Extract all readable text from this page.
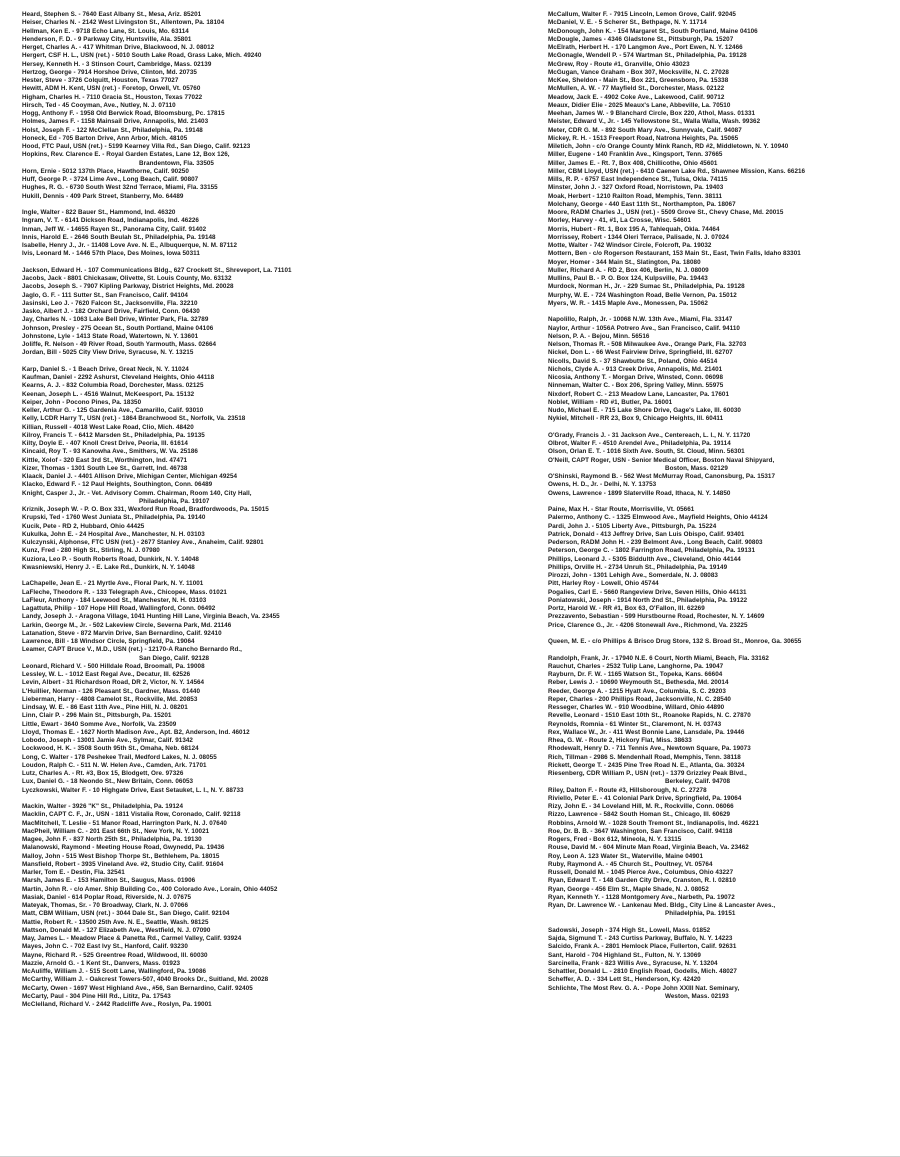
Heard, Stephen S. - 7640 East Albany St., Mesa, Ariz. 85201
Heiser, Charles N. - 2142 West Livingston St., Allentown, Pa. 18104
Hellman, Ken E. - 9718 Echo Lane, St. Louis, Mo. 63114
Henderson, F. D. - 9 Parkway City, Huntsville, Ala. 35801
Herget, Charles A. - 417 Whitman Drive, Blackwood, N. J. 08012
Hergert, CSF H. L., USN (ret.) - 5010 South Lake Road, Grass Lake, Mich. 49240
Hersey, Kenneth H. - 3 Stinson Court, Cambridge, Mass. 02139
Hertzog, George - 7914 Horshoe Drive, Clinton, Md. 20735
Hester, Steve - 3726 Colquitt, Houston, Texas 77027
Hewitt, ADM H. Kent, USN (ret.) - Foretop, Orwell, Vt. 05760
Higham, Charles H. - 7110 Gracia St., Houston, Texas 77022
Hirsch, Ted - 45 Cooyman, Ave., Nutley, N. J. 07110
Hogg, Anthony F. - 1958 Old Berwick Road, Bloomsburg, Pc. 17815
Holmes, James F. - 1158 Mainsail Drive, Annapolis, Md. 21403
Holst, Joseph F. - 122 McClellan St., Philadelphia, Pa. 19148
Honeck, Ed - 705 Barton Drive, Ann Arbor, Mich. 48105
Hood, FTC Paul, USN (ret.) - 5199 Kearney Villa Rd., San Diego, Calif. 92123
Hopkins, Rev. Clarence E. - Royal Garden Estates, Lane 12, Box 126,
Brandentown, Fla. 33505
Horn, Ernie - 5012 137th Place, Hawthorne, Calif. 90250
Huff, George P. - 3724 Lime Ave., Long Beach, Calif. 90807
Hughes, R. G. - 6730 South West 32nd Terrace, Miami, Fla. 33155
Hukill, Dennis - 409 Park Street, Stanberry, Mo. 64489
Ingle, Walter - 822 Bauer St., Hammond, Ind. 46320
Ingram, V. T. - 6141 Dickson Road, Indianapolis, Ind. 46226
Inman, Jeff W. - 14655 Rayen St., Panorama City, Calif. 91402
Innis, Harold E. - 2646 South Beulah St., Philadelphia, Pa. 19148
Isabelle, Henry J., Jr. - 11408 Love Ave. N. E., Albuquerque, N. M. 87112
Ivis, Leonard M. - 1446 57th Place, Des Moines, Iowa 50311
Jackson, Edward H. - 107 Communications Bldg., 627 Crockett St., Shreveport, La. 71101
Jacobs, Jack - 8801 Chickasaw, Olivette, St. Louis County, Mo. 63132
Jacobs, Joseph S. - 7907 Kipling Parkway, District Heights, Md. 20028
Jaglo, G. F. - 111 Sutter St., San Francisco, Calif. 94104
Jasinski, Leo J. - 7620 Falcon St., Jacksonville, Fla. 32210
Jasko, Albert J. - 182 Orchard Drive, Fairfield, Conn. 06430
Jay, Charles N. - 1063 Lake Bell Drive, Winter Park, Fla. 32789
Johnson, Presley - 275 Ocean St., South Portland, Maine 04106
Johnstone, Lyle - 1413 State Road, Watertown, N. Y. 13601
Joliffe, R. Nelson - 49 River Road, South Yarmouth, Mass. 02664
Jordan, Bill - 5025 City View Drive, Syracuse, N. Y. 13215
Karp, Daniel S. - 1 Beach Drive, Great Neck, N. Y. 11024
Kaufman, Daniel - 2292 Ashurst, Cleveland Heights, Ohio 44118
Kearns, A. J. - 832 Columbia Road, Dorchester, Mass. 02125
Keenan, Joseph L. - 4516 Walnut, McKeesport, Pa. 15132
Keiper, John - Pocono Pines, Pa. 18350
Keller, Arthur G. - 125 Gardenia Ave., Camarillo, Calif. 93010
Kelly, LCDR Harry T., USN (ret.) - 1864 Branchwood St., Norfolk, Va. 23518
Killian, Russell - 4018 West Lake Road, Clio, Mich. 48420
Kilroy, Francis T. - 6412 Marsden St., Philadelphia, Pa. 19135
Kilty, Doyle E. - 407 Knoll Crest Drive, Peoria, Ill. 61614
Kincaid, Roy T. - 93 Kanowha Ave., Smithers, W. Va. 25186
Kittle, Xolof - 320 East 3rd St., Worthington, Ind. 47471
Kizer, Thomas - 1301 South Lee St., Garrett, Ind. 46738
Klaack, Daniel J. - 4401 Allison Drive, Michigan Center, Michigan 49254
Klacko, Edward F. - 12 Paul Heights, Southington, Conn. 06489
Knight, Casper J., Jr. - Vet. Advisory Comm. Chairman, Room 140, City Hall,
Philadelphia, Pa. 19107
Kriznik, Joseph W. - P. O. Box 331, Wexford Run Road, Bradfordwoods, Pa. 15015
Krupski, Ted - 1760 West Juniata St., Philadelphia, Pa. 19140
Kucik, Pete - RD 2, Hubbard, Ohio 44425
Kukulka, John E. - 24 Hospital Ave., Manchester, N. H. 03103
Kulczynski, Alphonse, FTC USN (ret.) - 2677 Stanley Ave., Anaheim, Calif. 92801
Kunz, Fred - 280 High St., Stirling, N. J. 07980
Kuziora, Leo P. - South Roberts Road, Dunkirk, N. Y. 14048
Kwasniewski, Henry J. - E. Lake Rd., Dunkirk, N. Y. 14048
LaChapelle, Jean E. - 21 Myrtle Ave., Floral Park, N. Y. 11001
LaFleche, Theodore R. - 133 Telegraph Ave., Chicopee, Mass. 01021
LaFleur, Anthony - 184 Leewood St., Manchester, N. H. 03103
Lagattuta, Philip - 107 Hope Hill Road, Wallingford, Conn. 06492
Landy, Joseph J. - Aragona Village, 1041 Hunting Hill Lane, Virginia Beach, Va. 23455
Larkin, George M., Jr. - 502 Lakeview Circle, Severna Park, Md. 21146
Latanation, Steve - 872 Marvin Drive, San Bernardino, Calif. 92410
Lawrence, Bill - 18 Windsor Circle, Springfield, Pa. 19064
Leamer, CAPT Bruce V., M.D., USN (ret.) - 12170-A Rancho Bernardo Rd.,
San Diego, Calif. 92128
Leonard, Richard V. - 500 Hilldale Road, Broomall, Pa. 19008
Lessley, W. L. - 1012 East Regal Ave., Decatur, Ill. 62526
Levin, Albert - 31 Richardson Road, DR 2, Victor, N. Y. 14564
L'Huillier, Norman - 126 Pleasant St., Gardner, Mass. 01440
Lieberman, Harry - 4808 Camelot St., Rockville, Md. 20853
Lindsay, W. E. - 86 East 11th Ave., Pine Hill, N. J. 08201
Linn, Clair P. - 296 Main St., Pittsburgh, Pa. 15201
Little, Ewart - 3640 Somme Ave., Norfolk, Va. 23509
Lloyd, Thomas E. - 1627 North Madison Ave., Apt. B2, Anderson, Ind. 46012
Lobodo, Joseph - 13001 Jamie Ave., Sylmar, Calif. 91342
Lockwood, H. K. - 3508 South 95th St., Omaha, Neb. 68124
Long, C. Walter - 178 Peshekee Trail, Medford Lakes, N. J. 08055
Loudon, Ralph C. - 511 N. W. Helen Ave., Camden, Ark. 71701
Lutz, Charles A. - Rt. #3, Box 15, Blodgett, Ore. 97326
Lux, Daniel G. - 18 Neondo St., New Britain, Conn. 06053
Lyczkowski, Walter F. - 10 Highgate Drive, East Setauket, L. I., N. Y. 88733
Mackin, Walter - 3926 "K" St., Philadelphia, Pa. 19124
Macklin, CAPT C. F., Jr., USN - 1811 Vistalia Row, Coronado, Calif. 92118
MacMitchell, T. Leslie - 51 Manor Road, Harrington Park, N. J. 07640
MacPheil, William C. - 201 East 66th St., New York, N. Y. 10021
Magee, John F. - 837 North 25th St., Philadelphia, Pa. 19130
Malanowski, Raymond - Meeting House Road, Gwynedd, Pa. 19436
Malloy, John - 515 West Bishop Thorpe St., Bethlehem, Pa. 18015
Mansfield, Robert - 3935 Vineland Ave. #2, Studio City, Calif. 91604
Marler, Tom E. - Destin, Fla. 32541
Marsh, James E. - 153 Hamilton St., Saugus, Mass. 01906
Martin, John R. - c/o Amer. Ship Building Co., 400 Colorado Ave., Lorain, Ohio 44052
Masiak, Daniel - 614 Poplar Road, Riverside, N. J. 07675
Mateyak, Thomas, Sr. - 70 Broadway, Clark, N. J. 07066
Matt, CBM William, USN (ret.) - 3044 Dale St., San Diego, Calif. 92104
Mattie, Robert R. - 13500 25th Ave. N. E., Seattle, Wash. 98125
Mattson, Donald M. - 127 Elizabeth Ave., Westfield, N. J. 07090
May, James L. - Meadow Place & Panetta Rd., Carmel Valley, Calif. 93924
Mayes, John C. - 702 East Ivy St., Hanford, Calif. 93230
Mayne, Richard R. - 525 Greentree Road, Wildwood, Ill. 60030
Mazzie, Arnold G. - 1 Kent St., Danvers, Mass. 01923
McAuliffe, William J. - 515 Scott Lane, Wallingford, Pa. 19086
McCarthy, William J. - Oakcrest Towers-507, 4040 Brooks Dr., Suitland, Md. 20028
McCarty, Owen - 1697 West Highland Ave., #56, San Bernardino, Calif. 92405
McCarty, Paul - 304 Pine Hill Rd., Lititz, Pa. 17543
McClelland, Richard V. - 2442 Radcliffe Ave., Roslyn, Pa. 19001
McCallum, Walter F. - 7915 Lincoln, Lemon Grove, Calif. 92045
McDaniel, V. E. - 5 Scherer St., Bethpage, N. Y. 11714
McDonough, John K. - 154 Margaret St., South Portland, Maine 04106
McDougle, James - 4346 Gladstone St., Pittsburgh, Pa. 15207
McElrath, Herbert H. - 170 Langmon Ave., Port Ewen, N. Y. 12466
McGonagle, Wendell P. - 574 Wartman St., Philadelphia, Pa. 19128
McGrew, Roy - Route #1, Granville, Ohio 43023
McGugan, Vance Graham - Box 307, Mocksville, N. C. 27028
McKee, Sheldon - Main St., Box 221, Greensboro, Pa. 15338
McMullen, A. W. - 77 Mayfield St., Dorchester, Mass. 02122
Meadow, Jack E. - 4902 Coke Ave., Lakewood, Calif. 90712
Meaux, Didier Elie - 2025 Meaux's Lane, Abbeville, La. 70510
Meehan, James W. - 9 Blanchard Circle, Box 220, Athol, Mass. 01331
Meister, Edward V., Jr. - 145 Yellowstone St., Walla Walla, Wash. 99362
Meter, CDR G. M. - 892 South Mary Ave., Sunnyvale, Calif. 94087
Mickey, R. H. - 1513 Freeport Road, Natrona Heights, Pa. 15065
Miletich, John - c/o Orange County Mink Ranch, RD #2, Middletown, N. Y. 10940
Miller, Eugene - 140 Franklin Ave., Kingsport, Tenn. 37665
Miller, James E. - Rt. 7, Box 408, Chillicothe, Ohio 45601
Miller, CBM Lloyd, USN (ret.) - 6410 Caenen Lake Rd., Shawnee Mission, Kans. 66216
Mills, R. P. - 6757 East Independence St., Tulsa, Okla. 74115
Minster, John J. - 327 Oxford Road, Norristown, Pa. 19403
Moak, Herbert - 1210 Railton Road, Memphis, Tenn. 38111
Molchany, George - 440 East 11th St., Northampton, Pa. 18067
Moore, RADM Charles J., USN (ret.) - 5509 Grove St., Chevy Chase, Md. 20015
Morley, Harvey - 41, #1, La Crosse, Wisc. 54601
Morris, Hubert - Rt. 1, Box 195 A, Tahlequah, Okla. 74464
Morrissey, Robert - 1344 Oleri Terrace, Palisade, N. J. 07024
Motte, Walter - 742 Windsor Circle, Folcroft, Pa. 19032
Mottern, Ben - c/o Rogerson Restaurant, 153 Main St., East, Twin Falls, Idaho 83301
Moyer, Homer - 344 Main St., Slatington, Pa. 18080
Muller, Richard A. - RD 2, Box 406, Berlin, N. J. 08009
Mullins, Paul B. - P. O. Box 124, Kulpsville, Pa. 19443
Murdock, Norman H., Jr. - 229 Sumac St., Philadelphia, Pa. 19128
Murphy, W. E. - 724 Washington Road, Belle Vernon, Pa. 15012
Myers, W. R. - 1415 Maple Ave., Monessen, Pa. 15062
Napolillo, Ralph, Jr. - 10068 N.W. 13th Ave., Miami, Fla. 33147
Naylor, Arthur - 1056A Potrero Ave., San Francisco, Calif. 94110
Nelson, P. A. - Bejou, Minn. 56516
Nelson, Thomas R. - 508 Milwaukee Ave., Orange Park, Fla. 32703
Nickel, Don L. - 66 West Fairview Drive, Springfield, Ill. 62707
Nicolls, David S. - 37 Shawbutte St., Poland, Ohio 44514
Nichols, Clyde A. - 913 Creek Drive, Annapolis, Md. 21401
Nicosia, Anthony T. - Morgan Drive, Winsted, Conn. 06098
Ninneman, Walter C. - Box 206, Spring Valley, Minn. 55975
Nixdorf, Robert C. - 213 Meadow Lane, Lancaster, Pa. 17601
Noblet, William - RD #1, Butler, Pa. 16001
Nudo, Michael E. - 715 Lake Shore Drive, Gage's Lake, Ill. 60030
Nykiel, Mitchell - RR 23, Box 9, Chicago Heights, Ill. 60411
O'Grady, Francis J. - 31 Jackson Ave., Centereach, L. I., N. Y. 11720
Olbrot, Walter F. - 4510 Arendel Ave., Philadelphia, Pa. 19114
Olson, Orlan E. T. - 1016 Sixth Ave. South, St. Cloud, Minn. 56301
O'Neill, CAPT Roger, USN - Senior Medical Officer, Boston Naval Shipyard,
Boston, Mass. 02129
O'Shinski, Raymond B. - 562 West McMurray Road, Canonsburg, Pa. 15317
Owens, H. D., Jr. - Delhi, N. Y. 13753
Owens, Lawrence - 1899 Slaterville Road, Ithaca, N. Y. 14850
Paine, Max H. - Star Route, Morrisville, Vt. 05661
Palermo, Anthony C. - 1325 Elmwood Ave., Mayfield Heights, Ohio 44124
Pardi, John J. - 5105 Liberty Ave., Pittsburgh, Pa. 15224
Patrick, Donald - 413 Jeffrey Drive, San Luis Obispo, Calif. 93401
Pederson, RADM John H. - 239 Belmont Ave., Long Beach, Calif. 90803
Peterson, George C. - 1802 Farrington Road, Philadelphia, Pa. 19131
Phillips, Leonard J. - 5305 Biddulth Ave., Cleveland, Ohio 44144
Phillips, Orville H. - 2734 Unruh St., Philadelphia, Pa. 19149
Pirozzi, John - 1301 Lehigh Ave., Somerdale, N. J. 08083
Pitt, Harley Roy - Lowell, Ohio 45744
Pogalies, Carl E. - 5660 Rangeview Drive, Seven Hills, Ohio 44131
Poniatowski, Joseph - 1914 North 2nd St., Philadelphia, Pa. 19122
Portz, Harold W. - RR #1, Box 63, O'Fallon, Ill. 62269
Prezzavento, Sebastian - 599 Hurstbourne Road, Rochester, N. Y. 14609
Price, Clarence G., Jr. - 4206 Stonewall Ave., Richmond, Va. 23225
Queen, M. E. - c/o Phillips & Brisco Drug Store, 132 S. Broad St., Monroe, Ga. 30655
Randolph, Frank, Jr. - 17940 N.E. 6 Court, North Miami, Beach, Fla. 33162
Rauchut, Charles - 2532 Tulip Lane, Langhorne, Pa. 19047
Rayburn, Dr. F. W. - 1165 Watson St., Topeka, Kans. 66604
Reber, Lewis J. - 10690 Weymouth St., Bethesda, Md. 20014
Reeder, George A. - 1215 Hyatt Ave., Columbia, S. C. 29203
Reper, Charles - 200 Phillips Road, Jacksonville, N. C. 28540
Resseger, Charles W. - 910 Woodbine, Willard, Ohio 44890
Revelle, Leonard - 1510 East 10th St., Roanoke Rapids, N. C. 27870
Reynolds, Romnia - 61 Winter St., Claremont, N. H. 03743
Rex, Wallace W., Jr. - 411 West Bonnie Lane, Lansdale, Pa. 19446
Rhea, G. W. - Route 2, Hickory Flat, Miss. 38633
Rhodewalt, Henry D. - 711 Tennis Ave., Newtown Square, Pa. 19073
Rich, Tillman - 2986 S. Mendenhall Road, Memphis, Tenn. 38118
Rickett, George T. - 2435 Pine Tree Road N. E., Atlanta, Ga. 30324
Riesenberg, CDR William P., USN (ret.) - 1379 Grizzley Peak Blvd.,
Berkeley, Calif. 94708
Riley, Dalton F. - Route #3, Hillsborough, N. C. 27278
Riviello, Peter E. - 41 Colonial Park Drive, Springfield, Pa. 19064
Rizy, John E. - 34 Loveland Hill, M. R., Rockville, Conn. 06066
Rizzo, Lawrence - 5842 South Homan St., Chicago, Ill. 60629
Robbins, Arnold W. - 1028 South Tremont St., Indianapolis, Ind. 46221
Roe, Dr. B. B. - 3647 Washington, San Francisco, Calif. 94118
Rogers, Fred - Box 612, Mineola, N. Y. 13115
Rouse, David M. - 604 Minute Man Road, Virginia Beach, Va. 23462
Roy, Leon A. 123 Water St., Waterville, Maine 04901
Ruby, Raymond A. - 45 Church St., Poultney, Vt. 05764
Russell, Donald M. - 1045 Pierce Ave., Columbus, Ohio 43227
Ryan, Edward T. - 148 Garden City Drive, Cranston, R. I. 02810
Ryan, George - 456 Elm St., Maple Shade, N. J. 08052
Ryan, Kenneth Y. - 1128 Montgomery Ave., Narbeth, Pa. 19072
Ryan, Dr. Lawrence W. - Lankenau Med. Bldg., City Line & Lancaster Aves.,
Philadelphia, Pa. 19151
Sadowski, Joseph - 374 High St., Lowell, Mass. 01852
Sajda, Sigmund T. - 243 Curtiss Parkway, Buffalo, N. Y. 14223
Salcido, Frank A. - 2801 Hemlock Place, Fullerton, Calif. 92631
Sant, Harold - 704 Highland St., Fulton, N. Y. 13069
Sarcinella, Frank - 823 Willis Ave., Syracuse, N. Y. 13204
Schattler, Donald L. - 2810 English Road, Godells, Mich. 48027
Scheffer, A. D. - 334 Lett St., Henderson, Ky. 42420
Schlichte, The Most Rev. G. A. - Pope John XXIII Nat. Seminary,
Weston, Mass. 02193
